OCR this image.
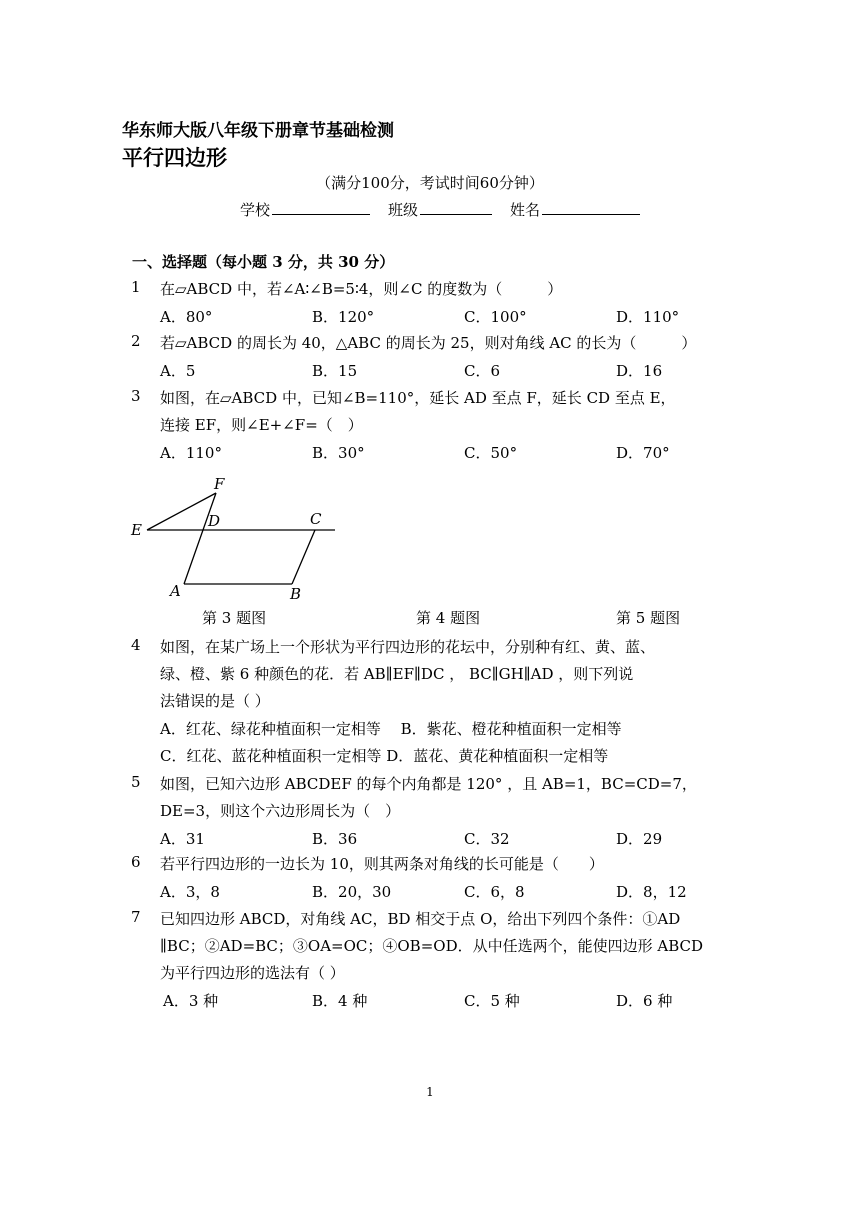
华东师大版八年级下册章节基础检测
平行四边形
（满分100分，考试时间60分钟）
学校	班级	姓名
一、选择题（每小题 3 分，共 30 分）
1 在▱ABCD 中，若∠A∶∠B=5∶4，则∠C 的度数为（　　　）
A．80°	B．120°	C．100°	D．110°
2 若▱ABCD 的周长为 40，△ABC 的周长为 25，则对角线 AC 的长为（　　　）
A．5	B．15	C．6	D．16
3 如图，在▱ABCD 中，已知∠B=110°，延长 AD 至点 F，延长 CD 至点 E，
连接 EF，则∠E+∠F=（　）
A．110°	B．30°	C．50°	D．70°
F
D	C
E
A	B
第 3 题图	第 4 题图	第 5 题图
4 如图，在某广场上一个形状为平行四边形的花坛中，分别种有红、黄、蓝、
绿、橙、紫 6 种颜色的花．若 AB∥EF∥DC ， BC∥GH∥AD ，则下列说
法错误的是（ ）
A．红花、绿花种植面积一定相等　 B．紫花、橙花种植面积一定相等
C．红花、蓝花种植面积一定相等 D．蓝花、黄花种植面积一定相等
5 如图，已知六边形 ABCDEF 的每个内角都是 120° ，且 AB=1，BC=CD=7，
DE=3，则这个六边形周长为（　）
A．31	B．36	C．32	D．29
6 若平行四边形的一边长为 10，则其两条对角线的长可能是（　　）
A．3，8	B．20，30	C．6，8	D．8，12
7 已知四边形 ABCD，对角线 AC，BD 相交于点 O，给出下列四个条件：①AD
∥BC；②AD=BC；③OA=OC；④OB=OD．从中任选两个，能使四边形 ABCD
为平行四边形的选法有（ ）
A．3 种	B．4 种	C．5 种	D．6 种
1
